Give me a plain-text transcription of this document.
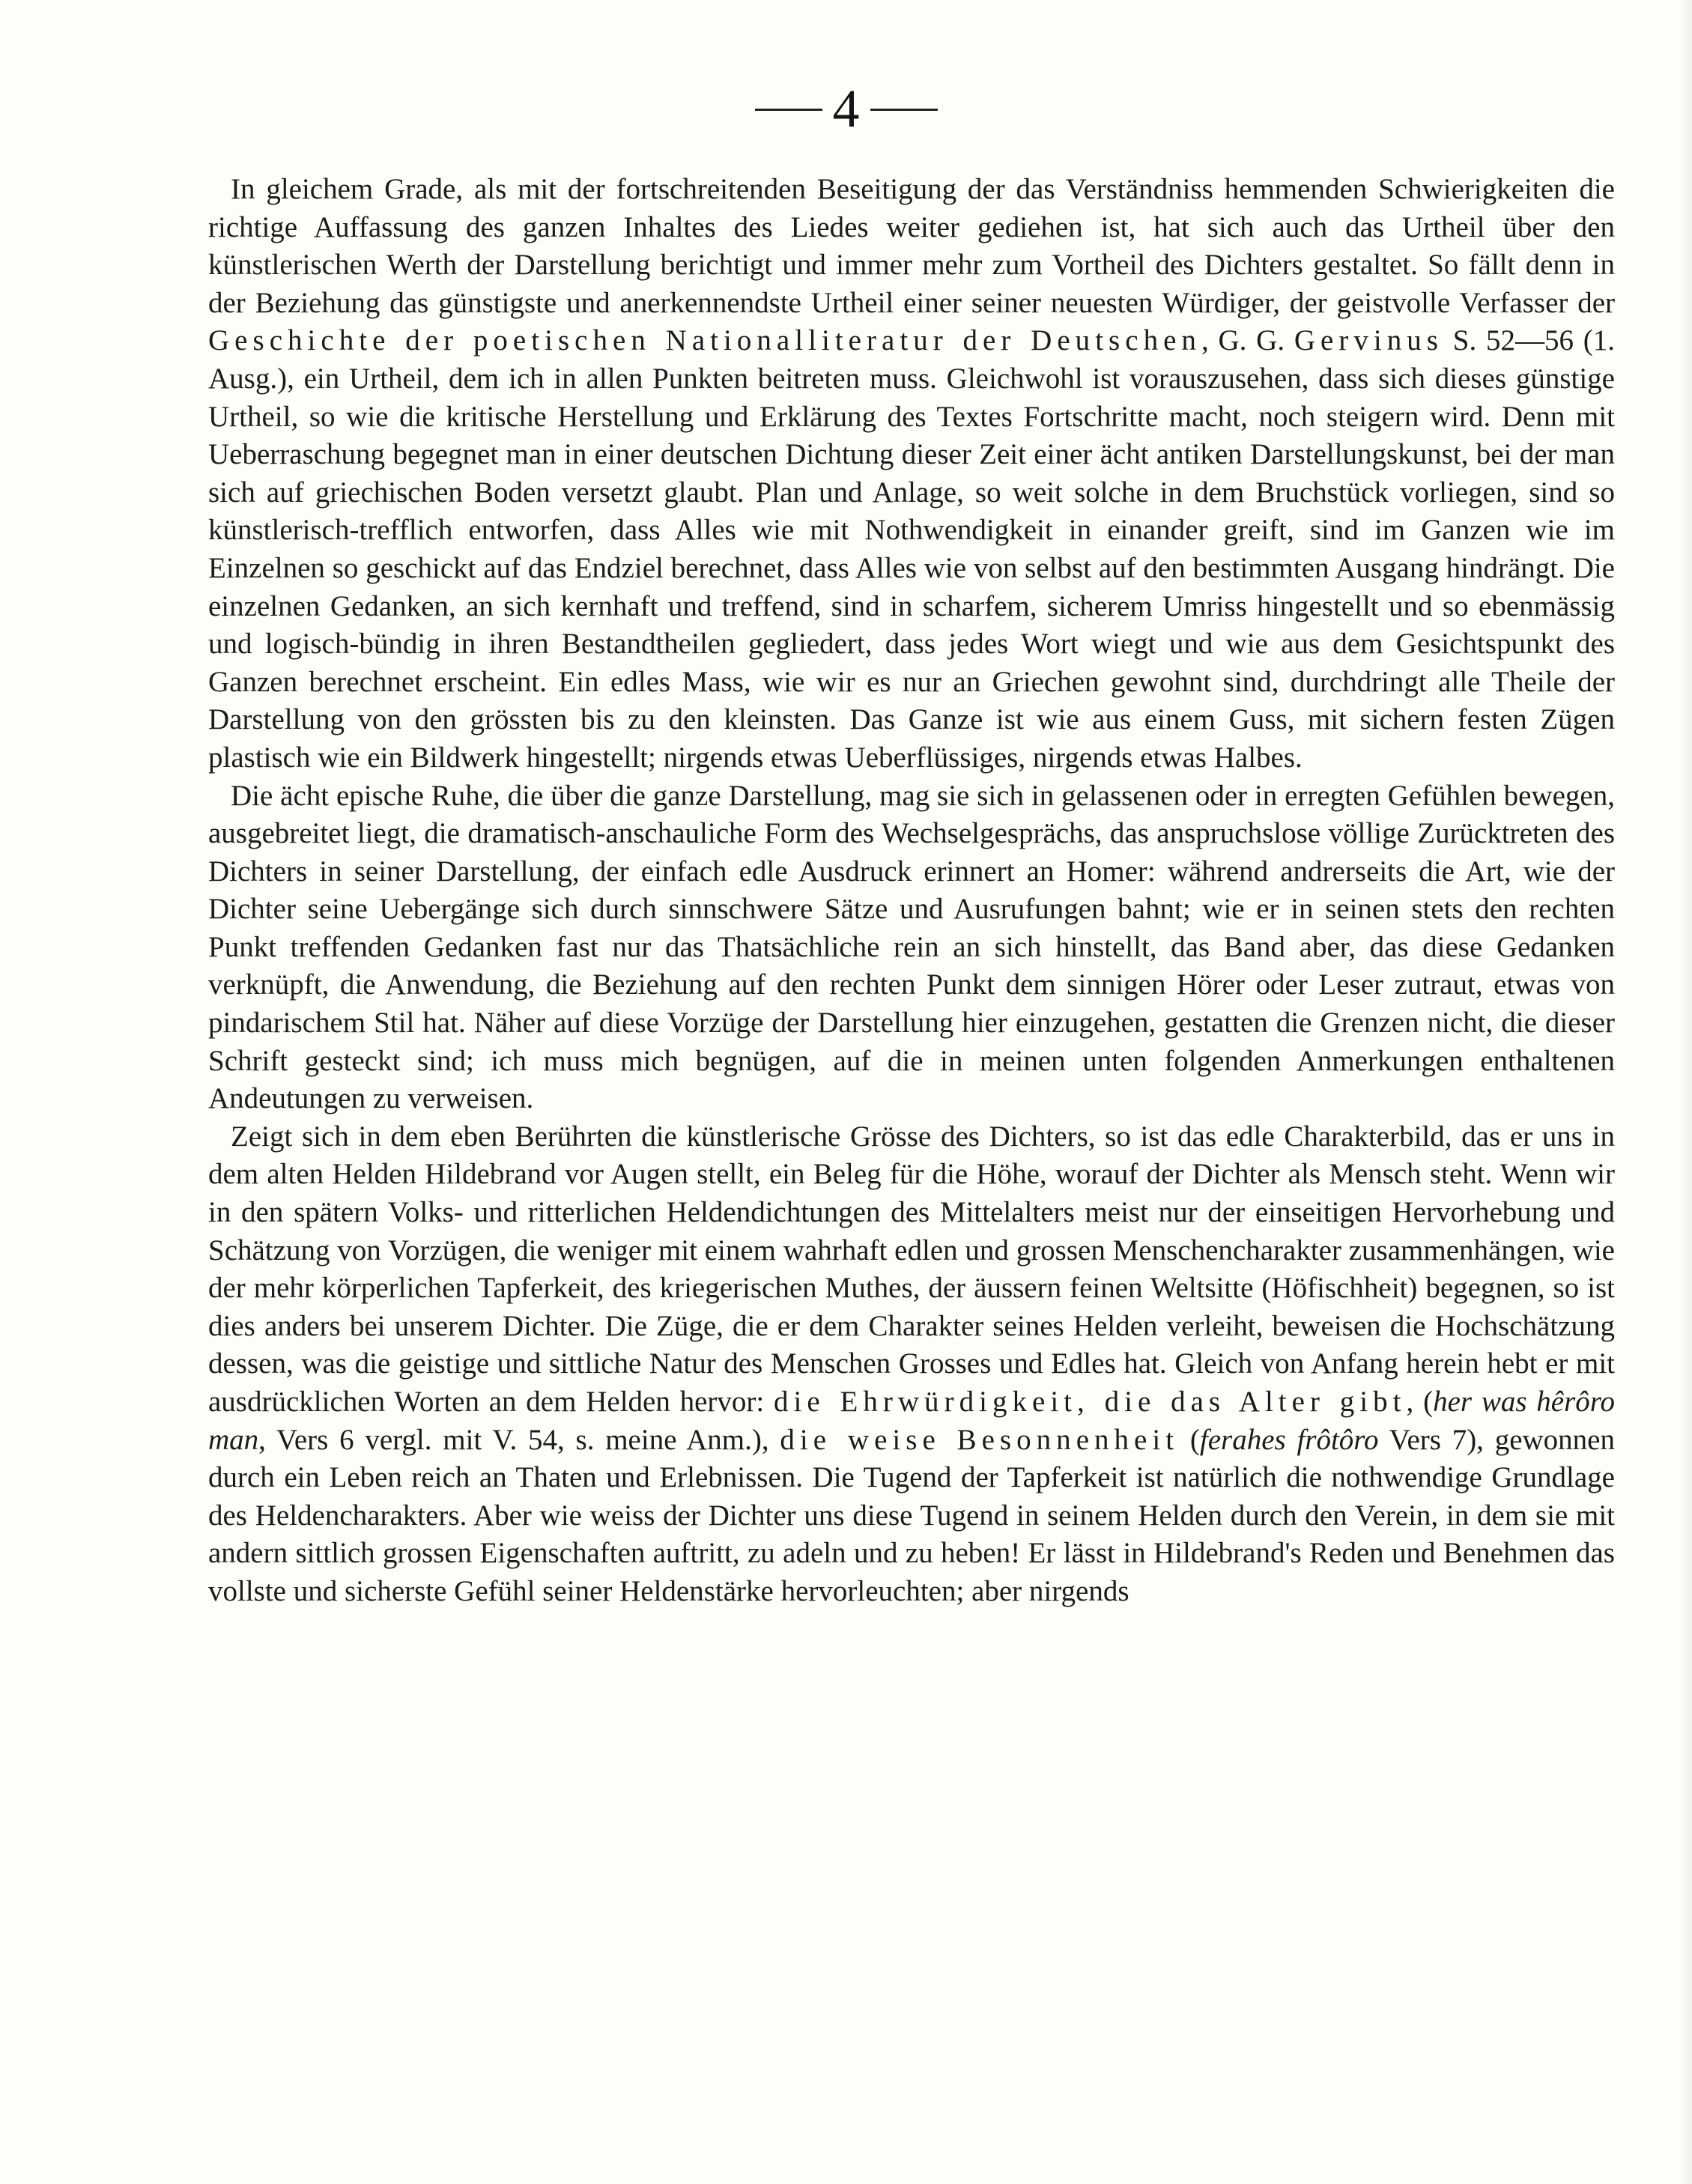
4

In gleichem Grade, als mit der fortschreitenden Beseitigung der das Verständniss hemmenden Schwierigkeiten die richtige Auffassung des ganzen Inhaltes des Liedes weiter gediehen ist, hat sich auch das Urtheil über den künstlerischen Werth der Darstellung berichtigt und immer mehr zum Vortheil des Dichters gestaltet. So fällt denn in der Beziehung das günstigste und anerkennendste Urtheil einer seiner neuesten Würdiger, der geistvolle Verfasser der Geschichte der poetischen Nationalliteratur der Deutschen, G. G. Gervinus S. 52—56 (1. Ausg.), ein Urtheil, dem ich in allen Punkten beitreten muss. Gleichwohl ist vorauszusehen, dass sich dieses günstige Urtheil, so wie die kritische Herstellung und Erklärung des Textes Fortschritte macht, noch steigern wird. Denn mit Ueberraschung begegnet man in einer deutschen Dichtung dieser Zeit einer ächt antiken Darstellungskunst, bei der man sich auf griechischen Boden versetzt glaubt. Plan und Anlage, so weit solche in dem Bruchstück vorliegen, sind so künstlerisch-trefflich entworfen, dass Alles wie mit Nothwendigkeit in einander greift, sind im Ganzen wie im Einzelnen so geschickt auf das Endziel berechnet, dass Alles wie von selbst auf den bestimmten Ausgang hindrängt. Die einzelnen Gedanken, an sich kernhaft und treffend, sind in scharfem, sicherem Umriss hingestellt und so ebenmässig und logisch-bündig in ihren Bestandtheilen gegliedert, dass jedes Wort wiegt und wie aus dem Gesichtspunkt des Ganzen berechnet erscheint. Ein edles Mass, wie wir es nur an Griechen gewohnt sind, durchdringt alle Theile der Darstellung von den grössten bis zu den kleinsten. Das Ganze ist wie aus einem Guss, mit sichern festen Zügen plastisch wie ein Bildwerk hingestellt; nirgends etwas Ueberflüssiges, nirgends etwas Halbes.

Die ächt epische Ruhe, die über die ganze Darstellung, mag sie sich in gelassenen oder in erregten Gefühlen bewegen, ausgebreitet liegt, die dramatisch-anschauliche Form des Wechselgesprächs, das anspruchslose völlige Zurücktreten des Dichters in seiner Darstellung, der einfach edle Ausdruck erinnert an Homer: während andrerseits die Art, wie der Dichter seine Uebergänge sich durch sinnschwere Sätze und Ausrufungen bahnt; wie er in seinen stets den rechten Punkt treffenden Gedanken fast nur das Thatsächliche rein an sich hinstellt, das Band aber, das diese Gedanken verknüpft, die Anwendung, die Beziehung auf den rechten Punkt dem sinnigen Hörer oder Leser zutraut, etwas von pindarischem Stil hat. Näher auf diese Vorzüge der Darstellung hier einzugehen, gestatten die Grenzen nicht, die dieser Schrift gesteckt sind; ich muss mich begnügen, auf die in meinen unten folgenden Anmerkungen enthaltenen Andeutungen zu verweisen.

Zeigt sich in dem eben Berührten die künstlerische Grösse des Dichters, so ist das edle Charakterbild, das er uns in dem alten Helden Hildebrand vor Augen stellt, ein Beleg für die Höhe, worauf der Dichter als Mensch steht. Wenn wir in den spätern Volks- und ritterlichen Heldendichtungen des Mittelalters meist nur der einseitigen Hervorhebung und Schätzung von Vorzügen, die weniger mit einem wahrhaft edlen und grossen Menschencharakter zusammenhängen, wie der mehr körperlichen Tapferkeit, des kriegerischen Muthes, der äussern feinen Weltsitte (Höfischheit) begegnen, so ist dies anders bei unserem Dichter. Die Züge, die er dem Charakter seines Helden verleiht, beweisen die Hochschätzung dessen, was die geistige und sittliche Natur des Menschen Grosses und Edles hat. Gleich von Anfang herein hebt er mit ausdrücklichen Worten an dem Helden hervor: die Ehrwürdigkeit, die das Alter gibt, (her was hêrôro man, Vers 6 vergl. mit V. 54, s. meine Anm.), die weise Besonnenheit (ferahes frôtôro Vers 7), gewonnen durch ein Leben reich an Thaten und Erlebnissen. Die Tugend der Tapferkeit ist natürlich die nothwendige Grundlage des Heldencharakters. Aber wie weiss der Dichter uns diese Tugend in seinem Helden durch den Verein, in dem sie mit andern sittlich grossen Eigenschaften auftritt, zu adeln und zu heben! Er lässt in Hildebrand's Reden und Benehmen das vollste und sicherste Gefühl seiner Heldenstärke hervorleuchten; aber nirgends
